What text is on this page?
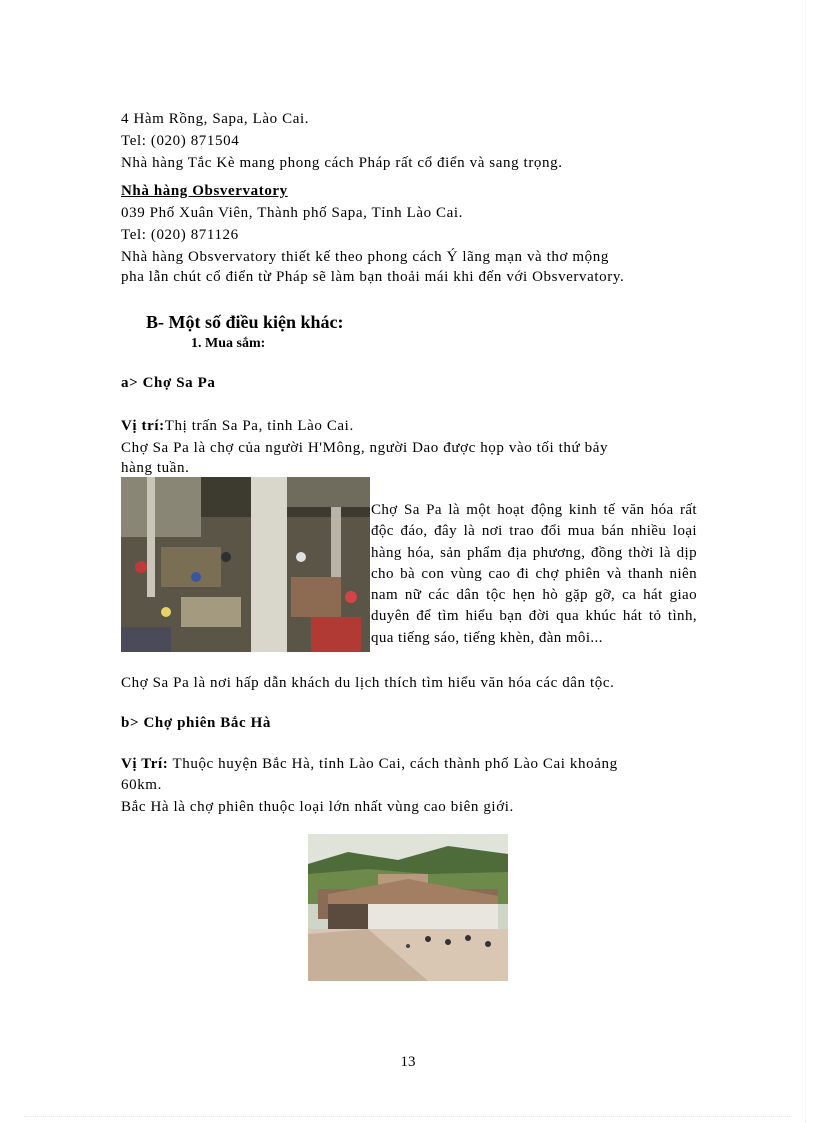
4 Hàm Rồng, Sapa, Lào Cai.
Tel: (020) 871504
Nhà hàng Tắc Kè mang phong cách Pháp rất cổ điển và sang trọng.
Nhà hàng Obsvervatory
039 Phố Xuân Viên, Thành phố Sapa, Tỉnh Lào Cai.
Tel: (020) 871126
Nhà hàng Obsvervatory thiết kế theo phong cách Ý lãng mạn và thơ mộng
pha lẫn chút cổ điển từ Pháp sẽ làm bạn thoải mái khi đến với Obsvervatory.
B- Một số điều kiện khác:
1. Mua sắm:
a> Chợ Sa Pa
Vị trí:Thị trấn Sa Pa, tỉnh Lào Cai.
Chợ Sa Pa là chợ của người H'Mông, người Dao được họp vào tối thứ bảy
hàng tuần.

Chợ Sa Pa là một hoạt động kinh tế văn hóa rất độc đáo, đây là nơi trao đổi mua bán nhiều loại hàng hóa, sản phẩm địa phương, đồng thời là dịp cho bà con vùng cao đi chợ phiên và thanh niên nam nữ các dân tộc hẹn hò gặp gỡ, ca hát giao duyên để tìm hiểu bạn đời qua khúc hát tỏ tình, qua tiếng sáo, tiếng khèn, đàn môi...

Chợ Sa Pa là nơi hấp dẫn khách du lịch thích tìm hiểu văn hóa các dân tộc.
b> Chợ phiên Bắc Hà
Vị Trí: Thuộc huyện Bắc Hà, tỉnh Lào Cai, cách thành phố Lào Cai khoảng
60km.
Bắc Hà là chợ phiên thuộc loại lớn nhất vùng cao biên giới.
13
